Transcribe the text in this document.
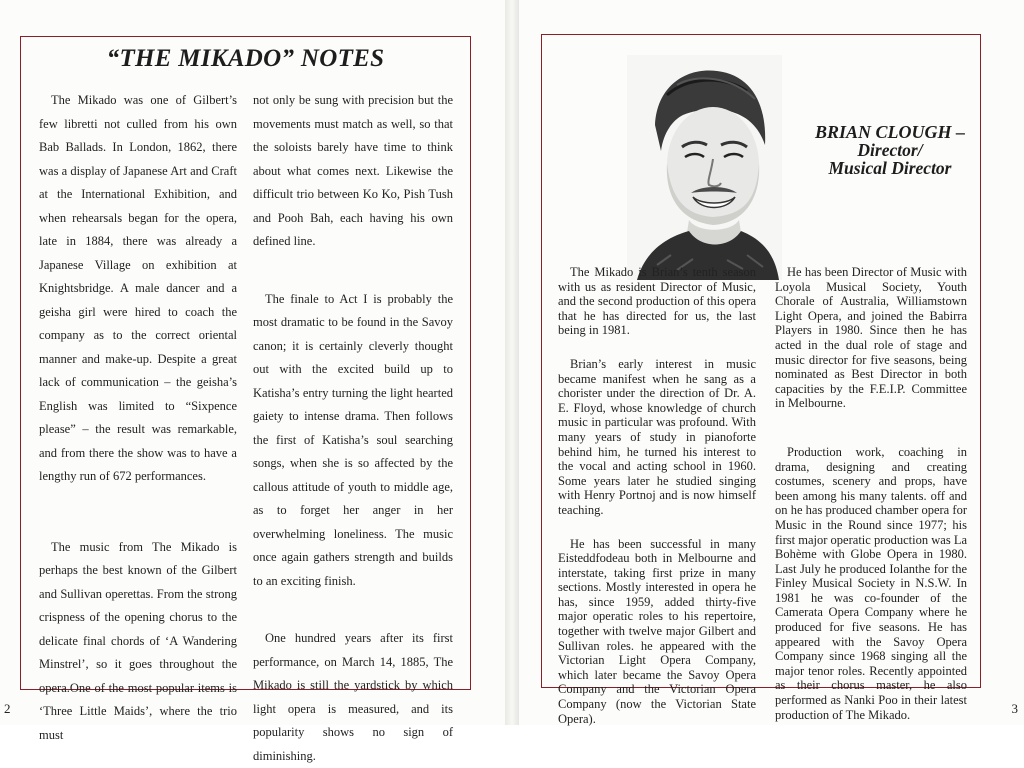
“THE MIKADO” NOTES

The Mikado was one of Gilbert’s few libretti not culled from his own Bab Ballads. In London, 1862, there was a display of Japanese Art and Craft at the International Exhibition, and when rehearsals began for the opera, late in 1884, there was already a Japanese Village on exhibition at Knightsbridge. A male dancer and a geisha girl were hired to coach the company as to the correct oriental manner and make-up. Despite a great lack of communication – the geisha’s English was limited to “Sixpence please” – the result was remarkable, and from there the show was to have a lengthy run of 672 performances.

The music from The Mikado is perhaps the best known of the Gilbert and Sullivan operettas. From the strong crispness of the opening chorus to the delicate final chords of ‘A Wandering Minstrel’, so it goes throughout the opera.One of the most popular items is ‘Three Little Maids’, where the trio must

not only be sung with precision but the movements must match as well, so that the soloists barely have time to think about what comes next. Likewise the difficult trio between Ko Ko, Pish Tush and Pooh Bah, each having his own defined line.

The finale to Act I is probably the most dramatic to be found in the Savoy canon; it is certainly cleverly thought out with the excited build up to Katisha’s entry turning the light hearted gaiety to intense drama. Then follows the first of Katisha’s soul searching songs, when she is so affected by the callous attitude of youth to middle age, as to forget her anger in her overwhelming loneliness. The music once again gathers strength and builds to an exciting finish.

One hundred years after its first performance, on March 14, 1885, The Mikado is still the yardstick by which light opera is measured, and its popularity shows no sign of diminishing.

2
BRIAN CLOUGH –
Director/
Musical Director

The Mikado is Brian’s tenth season with us as resident Director of Music, and the second production of this opera that he has directed for us, the last being in 1981.

Brian’s early interest in music became manifest when he sang as a chorister under the direction of Dr. A. E. Floyd, whose knowledge of church music in particular was profound. With many years of study in pianoforte behind him, he turned his interest to the vocal and acting school in 1960. Some years later he studied singing with Henry Portnoj and is now himself teaching.

He has been successful in many Eisteddfodeau both in Melbourne and interstate, taking first prize in many sections. Mostly interested in opera he has, since 1959, added thirty-five major operatic roles to his repertoire, together with twelve major Gilbert and Sullivan roles. he appeared with the Victorian Light Opera Company, which later became the Savoy Opera Company and the Victorian Opera Company (now the Victorian State Opera).

He has been Director of Music with Loyola Musical Society, Youth Chorale of Australia, Williamstown Light Opera, and joined the Babirra Players in 1980. Since then he has acted in the dual role of stage and music director for five seasons, being nominated as Best Director in both capacities by the F.E.I.P. Committee in Melbourne.

Production work, coaching in drama, designing and creating costumes, scenery and props, have been among his many talents. off and on he has produced chamber opera for Music in the Round since 1977; his first major operatic production was La Bohème with Globe Opera in 1980. Last July he produced Iolanthe for the Finley Musical Society in N.S.W. In 1981 he was co-founder of the Camerata Opera Company where he produced for five seasons. He has appeared with the Savoy Opera Company since 1968 singing all the major tenor roles. Recently appointed as their chorus master, he also performed as Nanki Poo in their latest production of The Mikado.	3
